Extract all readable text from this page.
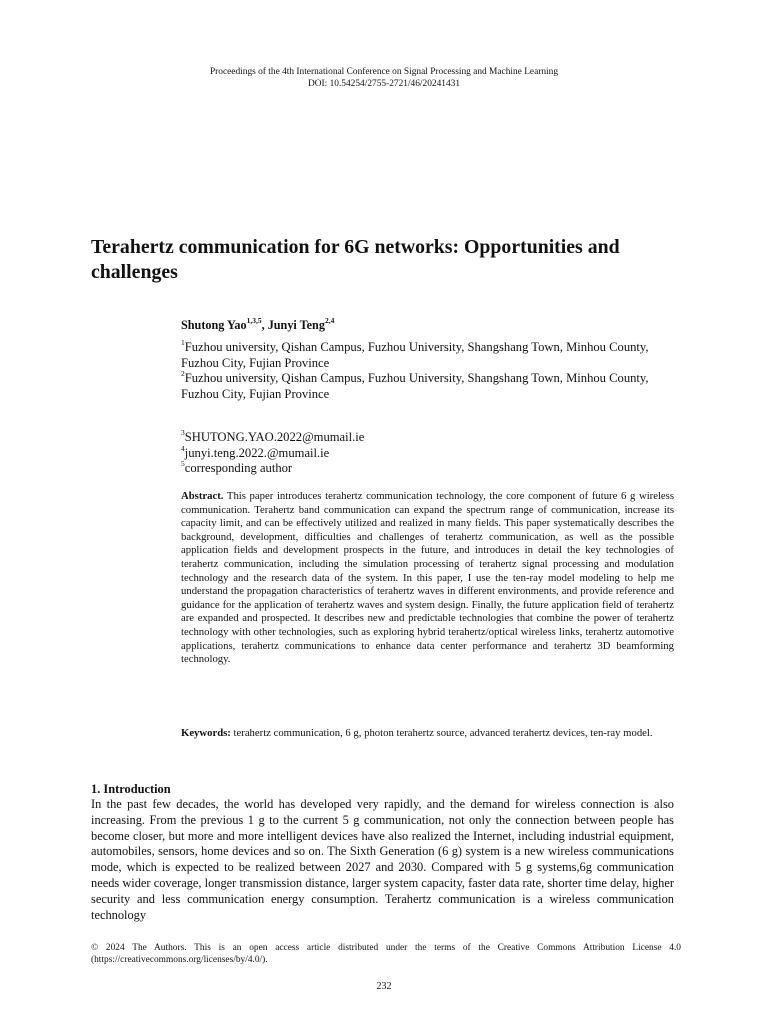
Proceedings of the 4th International Conference on Signal Processing and Machine Learning
DOI: 10.54254/2755-2721/46/20241431
Terahertz communication for 6G networks: Opportunities and challenges
Shutong Yao$^{1,3,5}$, Junyi Teng$^{2,4}$
$^1$Fuzhou university, Qishan Campus, Fuzhou University, Shangshang Town, Minhou County, Fuzhou City, Fujian Province
$^2$Fuzhou university, Qishan Campus, Fuzhou University, Shangshang Town, Minhou County, Fuzhou City, Fujian Province
$^3$SHUTONG.YAO.2022@mumail.ie
$^4$junyi.teng.2022.@mumail.ie
$^5$corresponding author

Abstract. This paper introduces terahertz communication technology, the core component of future 6 g wireless communication. Terahertz band communication can expand the spectrum range of communication, increase its capacity limit, and can be effectively utilized and realized in many fields. This paper systematically describes the background, development, difficulties and challenges of terahertz communication, as well as the possible application fields and development prospects in the future, and introduces in detail the key technologies of terahertz communication, including the simulation processing of terahertz signal processing and modulation technology and the research data of the system. In this paper, I use the ten-ray model modeling to help me understand the propagation characteristics of terahertz waves in different environments, and provide reference and guidance for the application of terahertz waves and system design. Finally, the future application field of terahertz are expanded and prospected. It describes new and predictable technologies that combine the power of terahertz technology with other technologies, such as exploring hybrid terahertz/optical wireless links, terahertz automotive applications, terahertz communications to enhance data center performance and terahertz 3D beamforming technology.

Keywords: terahertz communication, 6 g, photon terahertz source, advanced terahertz devices, ten-ray model.

1. Introduction

In the past few decades, the world has developed very rapidly, and the demand for wireless connection is also increasing. From the previous 1 g to the current 5 g communication, not only the connection between people has become closer, but more and more intelligent devices have also realized the Internet, including industrial equipment, automobiles, sensors, home devices and so on. The Sixth Generation (6 g) system is a new wireless communications mode, which is expected to be realized between 2027 and 2030. Compared with 5 g systems,6g communication needs wider coverage, longer transmission distance, larger system capacity, faster data rate, shorter time delay, higher security and less communication energy consumption. Terahertz communication is a wireless communication technology

© 2024 The Authors. This is an open access article distributed under the terms of the Creative Commons Attribution License 4.0 (https://creativecommons.org/licenses/by/4.0/).

232
